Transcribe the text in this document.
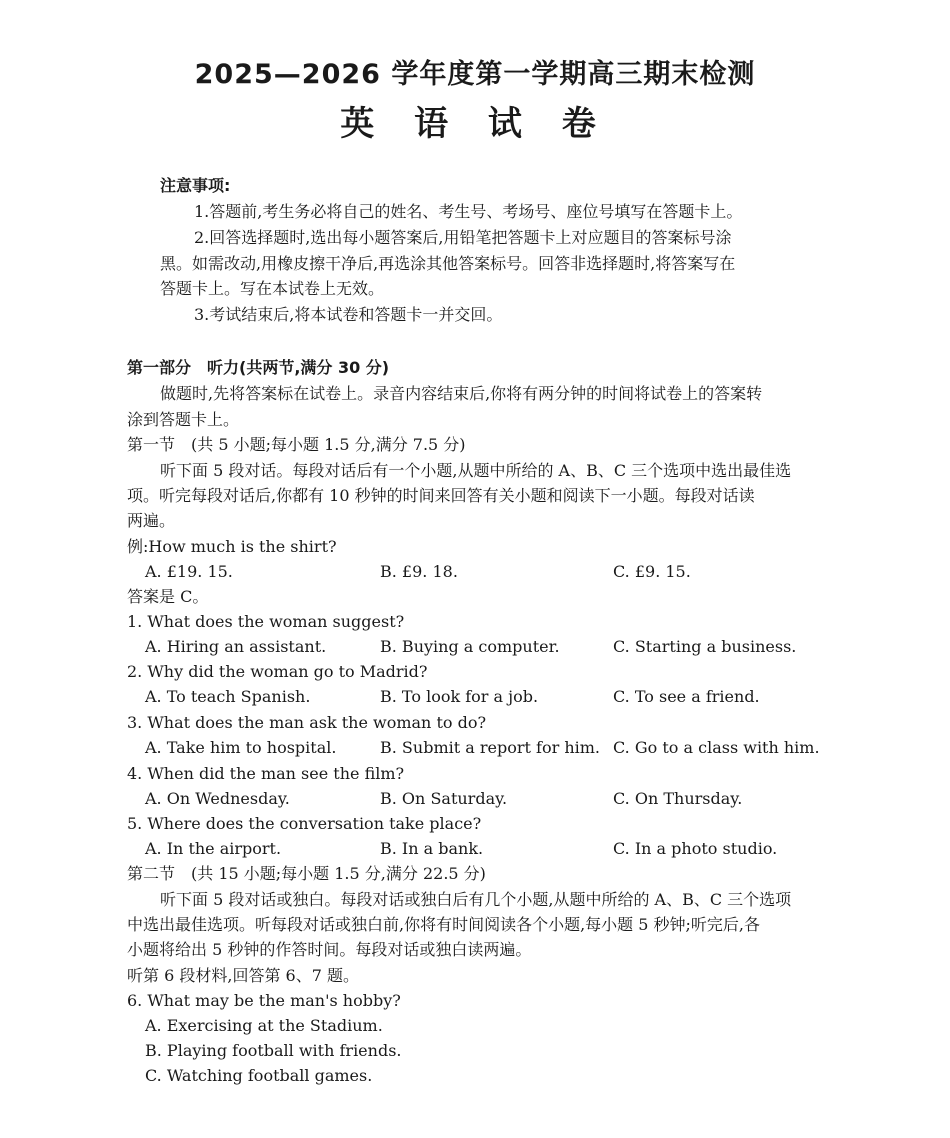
2025—2026 学年度第一学期高三期末检测
英 语 试 卷
注意事项:
1.答题前,考生务必将自己的姓名、考生号、考场号、座位号填写在答题卡上。
2.回答选择题时,选出每小题答案后,用铅笔把答题卡上对应题目的答案标号涂
黑。如需改动,用橡皮擦干净后,再选涂其他答案标号。回答非选择题时,将答案写在
答题卡上。写在本试卷上无效。
3.考试结束后,将本试卷和答题卡一并交回。
第一部分　听力(共两节,满分 30 分)
做题时,先将答案标在试卷上。录音内容结束后,你将有两分钟的时间将试卷上的答案转
涂到答题卡上。
第一节　(共 5 小题;每小题 1.5 分,满分 7.5 分)
听下面 5 段对话。每段对话后有一个小题,从题中所给的 A、B、C 三个选项中选出最佳选
项。听完每段对话后,你都有 10 秒钟的时间来回答有关小题和阅读下一小题。每段对话读
两遍。
例:How much is the shirt?
A. £19. 15.	B. £9. 18.	C. £9. 15.
答案是 C。
1. What does the woman suggest?
A. Hiring an assistant.	B. Buying a computer.	C. Starting a business.
2. Why did the woman go to Madrid?
A. To teach Spanish.	B. To look for a job.	C. To see a friend.
3. What does the man ask the woman to do?
A. Take him to hospital.	B. Submit a report for him. C. Go to a class with him.
4. When did the man see the film?
A. On Wednesday.	B. On Saturday.	C. On Thursday.
5. Where does the conversation take place?
A. In the airport.	B. In a bank.	C. In a photo studio.
第二节　(共 15 小题;每小题 1.5 分,满分 22.5 分)
听下面 5 段对话或独白。每段对话或独白后有几个小题,从题中所给的 A、B、C 三个选项
中选出最佳选项。听每段对话或独白前,你将有时间阅读各个小题,每小题 5 秒钟;听完后,各
小题将给出 5 秒钟的作答时间。每段对话或独白读两遍。
听第 6 段材料,回答第 6、7 题。
6. What may be the man's hobby?
A. Exercising at the Stadium.
B. Playing football with friends.
C. Watching football games.
